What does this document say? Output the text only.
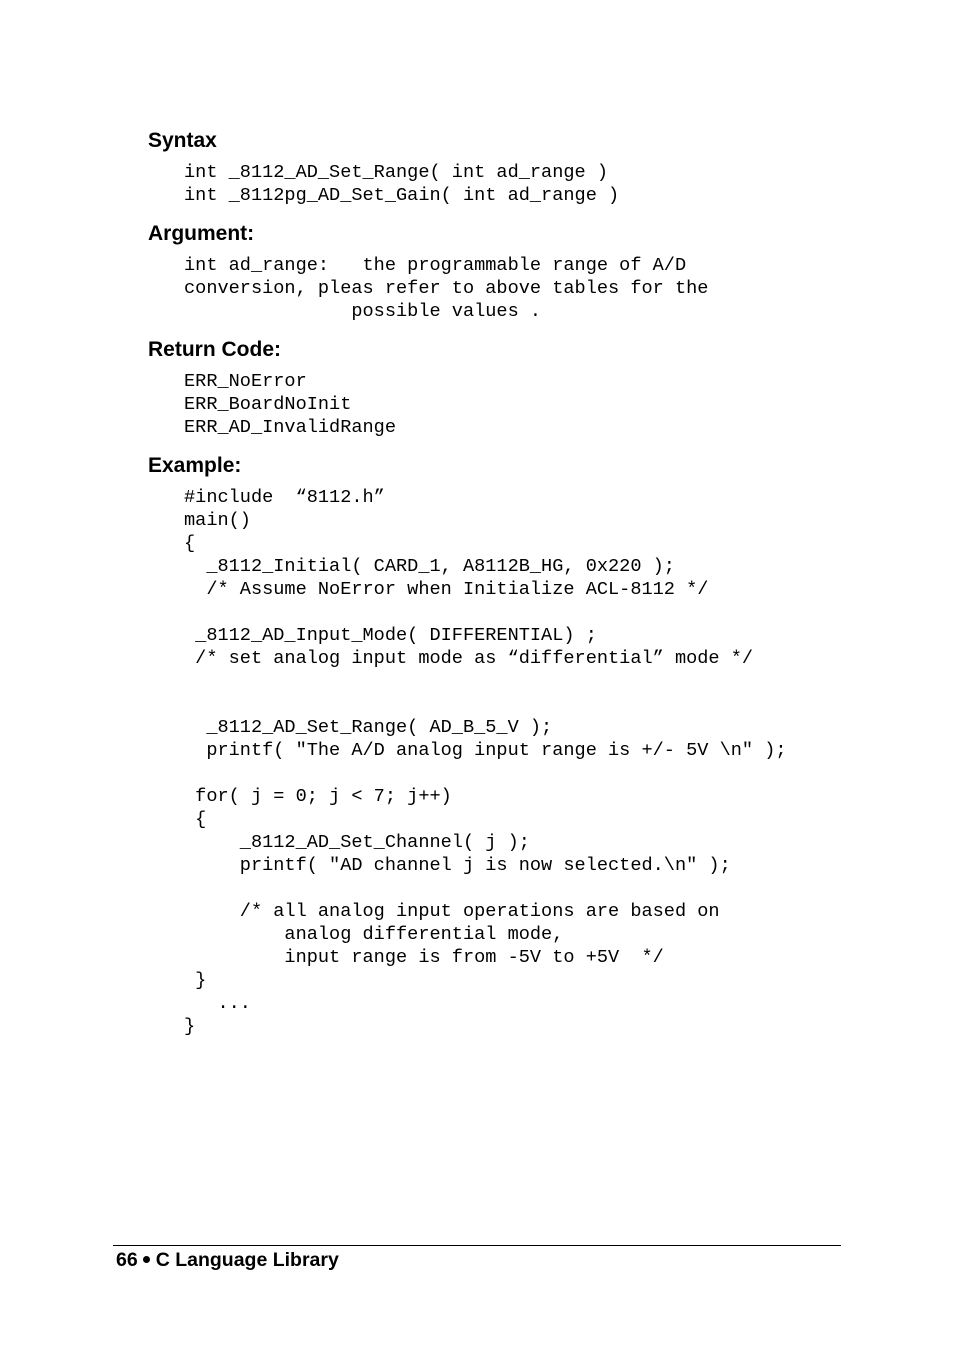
Syntax
int _8112_AD_Set_Range( int ad_range )
int _8112pg_AD_Set_Gain( int ad_range )
Argument:
int ad_range:   the programmable range of A/D
conversion, pleas refer to above tables for the
possible values .
Return Code:
ERR_NoError
ERR_BoardNoInit
ERR_AD_InvalidRange
Example:
#include  “8112.h”
main()
{
_8112_Initial( CARD_1, A8112B_HG, 0x220 );
/* Assume NoError when Initialize ACL-8112 */

_8112_AD_Input_Mode( DIFFERENTIAL) ;
/* set analog input mode as “differential” mode */

_8112_AD_Set_Range( AD_B_5_V );
printf( "The A/D analog input range is +/- 5V \n" );

for( j = 0; j < 7; j++)
{
_8112_AD_Set_Channel( j );
printf( "AD channel j is now selected.\n" );

/* all analog input operations are based on
analog differential mode,
input range is from -5V to +5V  */
}
...
}
66 C Language Library
